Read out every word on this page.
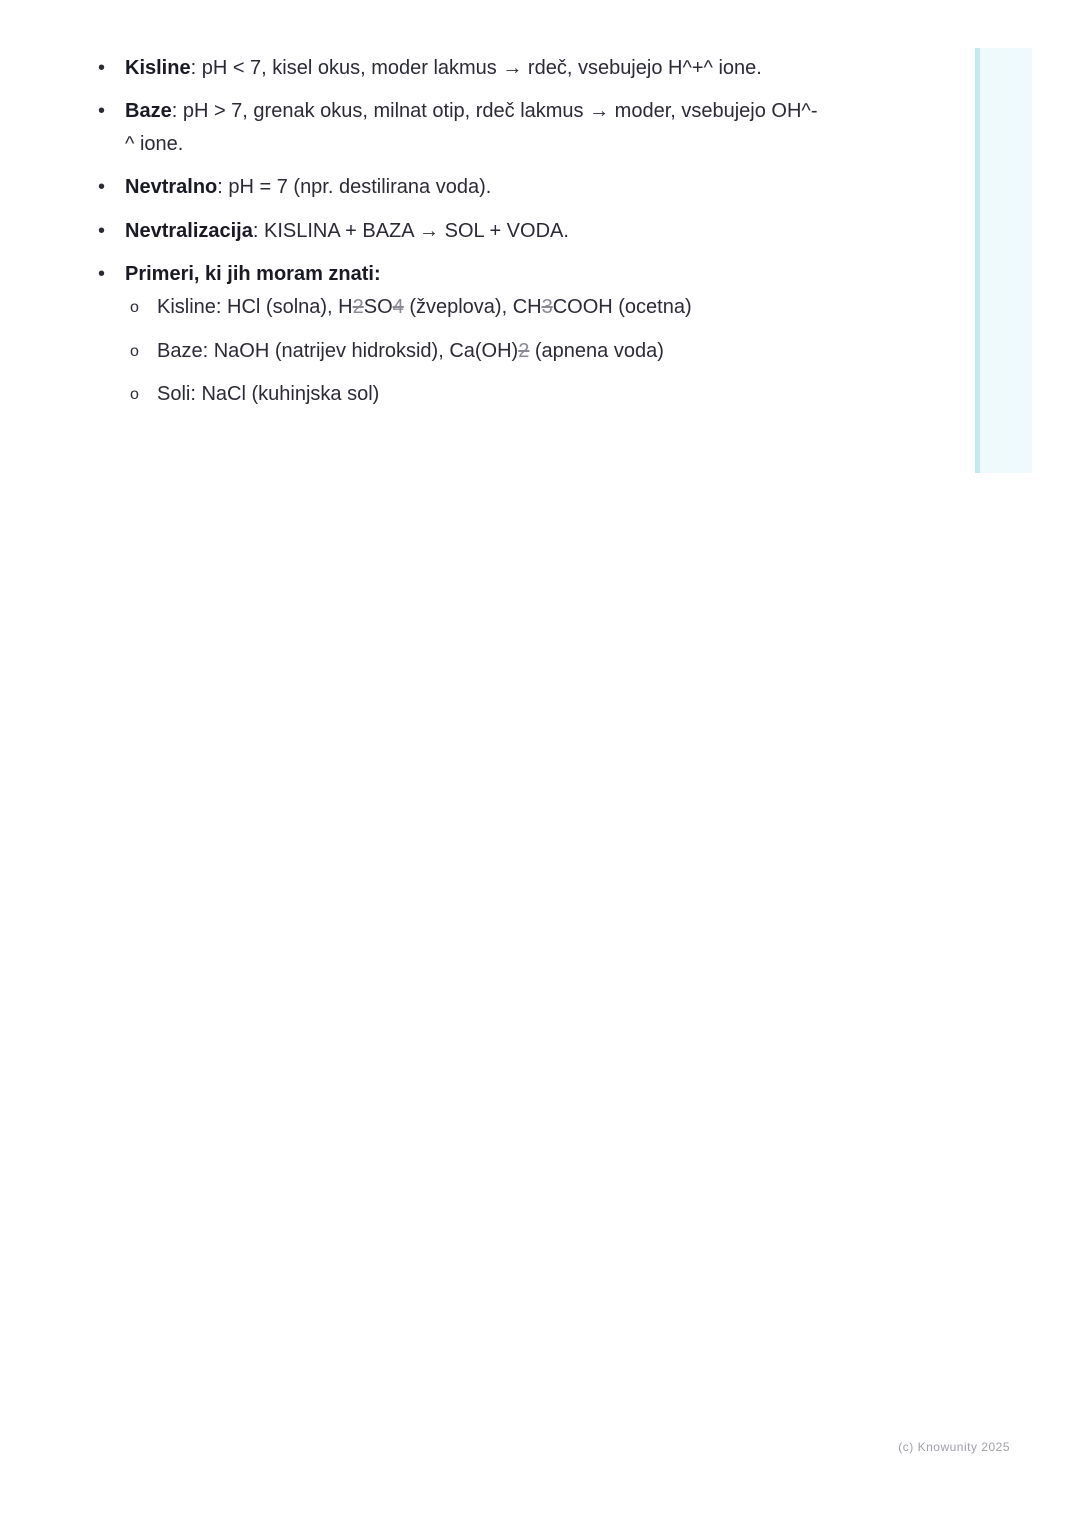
• Kisline: pH < 7, kisel okus, moder lakmus → rdeč, vsebujejo H^+^ ione.
• Baze: pH > 7, grenak okus, milnat otip, rdeč lakmus → moder, vsebujejo OH^-^ ione.
• Nevtralno: pH = 7 (npr. destilirana voda).
• Nevtralizacija: KISLINA + BAZA → SOL + VODA.
• Primeri, ki jih moram znati:
o Kisline: HCl (solna), H2SO4 (žveplova), CH3COOH (ocetna)
o Baze: NaOH (natrijev hidroksid), Ca(OH)2 (apnena voda)
o Soli: NaCl (kuhinjska sol)
(c) Knowunity 2025
